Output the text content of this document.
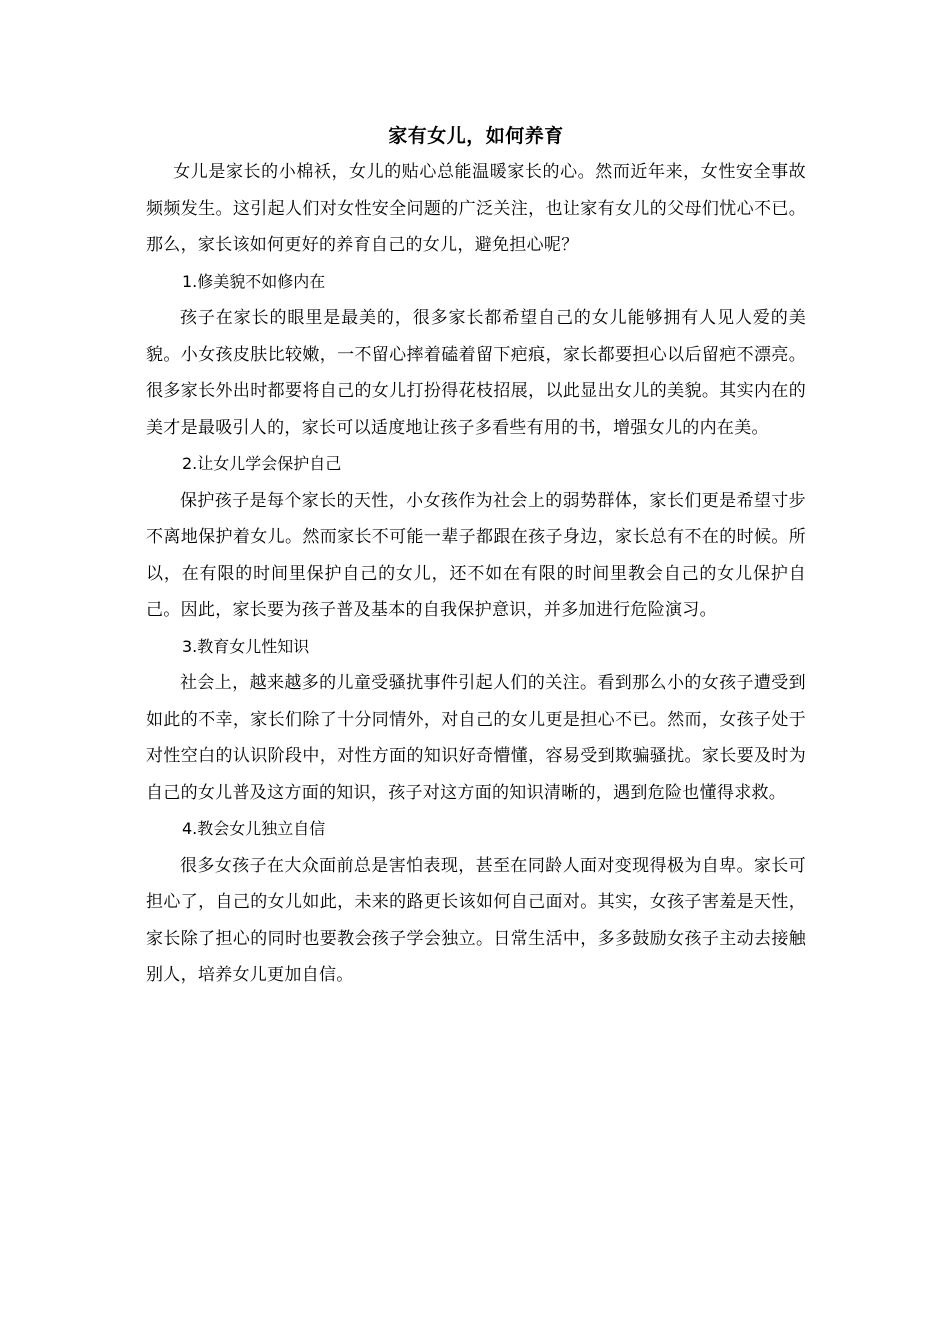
家有女儿，如何养育

女儿是家长的小棉袄，女儿的贴心总能温暖家长的心。然而近年来，女性安全事故频频发生。这引起人们对女性安全问题的广泛关注，也让家有女儿的父母们忧心不已。那么，家长该如何更好的养育自己的女儿，避免担心呢？

1.修美貌不如修内在

孩子在家长的眼里是最美的，很多家长都希望自己的女儿能够拥有人见人爱的美貌。小女孩皮肤比较嫩，一不留心摔着磕着留下疤痕，家长都要担心以后留疤不漂亮。很多家长外出时都要将自己的女儿打扮得花枝招展，以此显出女儿的美貌。其实内在的美才是最吸引人的，家长可以适度地让孩子多看些有用的书，增强女儿的内在美。

2.让女儿学会保护自己

保护孩子是每个家长的天性，小女孩作为社会上的弱势群体，家长们更是希望寸步不离地保护着女儿。然而家长不可能一辈子都跟在孩子身边，家长总有不在的时候。所以，在有限的时间里保护自己的女儿，还不如在有限的时间里教会自己的女儿保护自己。因此，家长要为孩子普及基本的自我保护意识，并多加进行危险演习。

3.教育女儿性知识

社会上，越来越多的儿童受骚扰事件引起人们的关注。看到那么小的女孩子遭受到如此的不幸，家长们除了十分同情外，对自己的女儿更是担心不已。然而，女孩子处于对性空白的认识阶段中，对性方面的知识好奇懵懂，容易受到欺骗骚扰。家长要及时为自己的女儿普及这方面的知识，孩子对这方面的知识清晰的，遇到危险也懂得求救。

4.教会女儿独立自信

很多女孩子在大众面前总是害怕表现，甚至在同龄人面对变现得极为自卑。家长可担心了，自己的女儿如此，未来的路更长该如何自己面对。其实，女孩子害羞是天性，家长除了担心的同时也要教会孩子学会独立。日常生活中，多多鼓励女孩子主动去接触别人，培养女儿更加自信。
